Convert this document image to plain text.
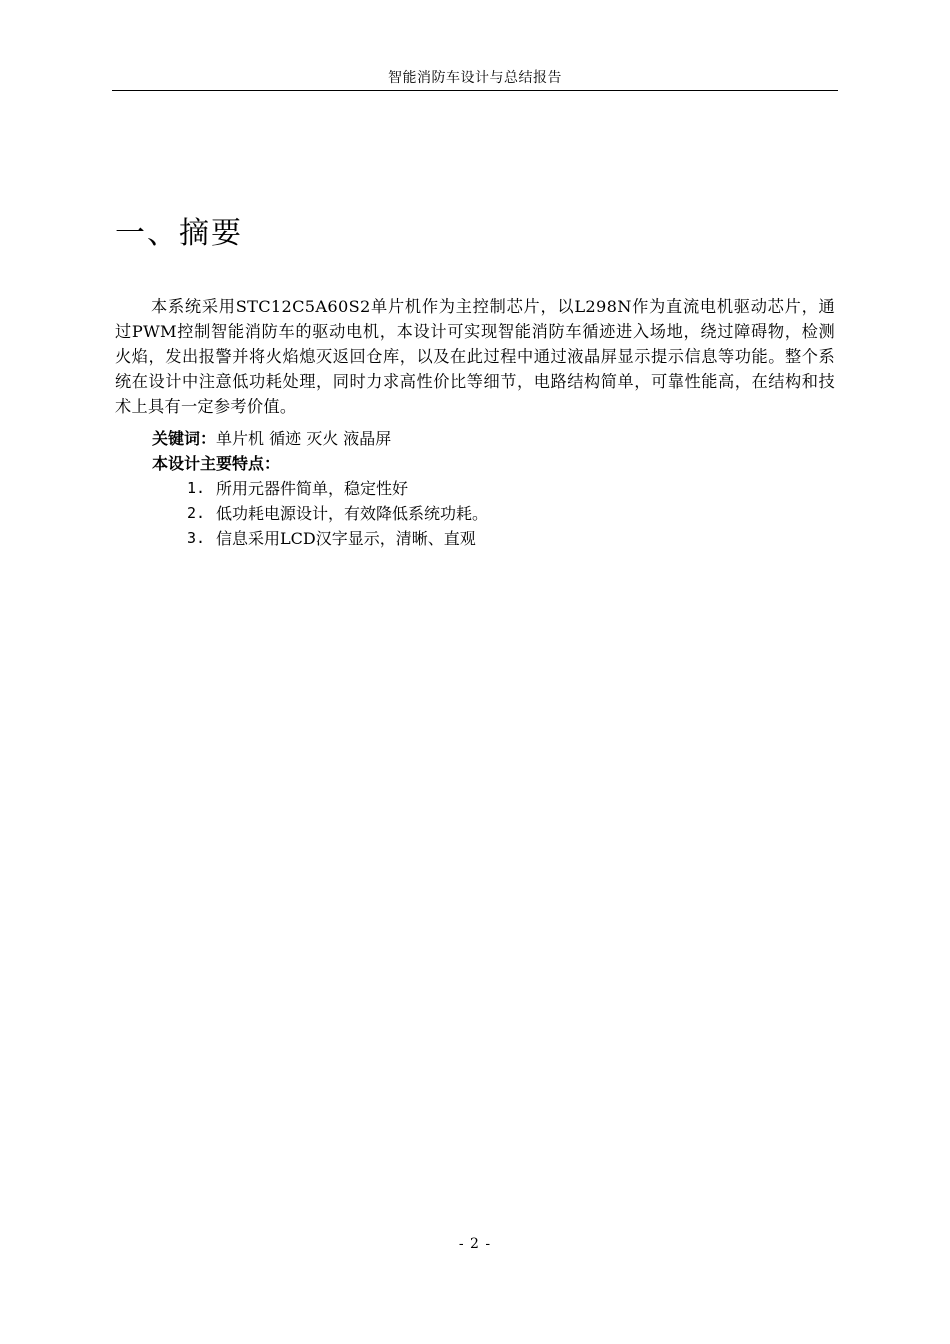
智能消防车设计与总结报告
一、摘要

本系统采用STC12C5A60S2单片机作为主控制芯片，以L298N作为直流电机驱动芯片，通过PWM控制智能消防车的驱动电机，本设计可实现智能消防车循迹进入场地，绕过障碍物，检测火焰，发出报警并将火焰熄灭返回仓库，以及在此过程中通过液晶屏显示提示信息等功能。整个系统在设计中注意低功耗处理，同时力求高性价比等细节，电路结构简单，可靠性能高，在结构和技术上具有一定参考价值。

关键词：单片机 循迹 灭火 液晶屏

本设计主要特点：

1. 所用元器件简单，稳定性好
2. 低功耗电源设计，有效降低系统功耗。
3. 信息采用LCD汉字显示，清晰、直观
- 2 -
